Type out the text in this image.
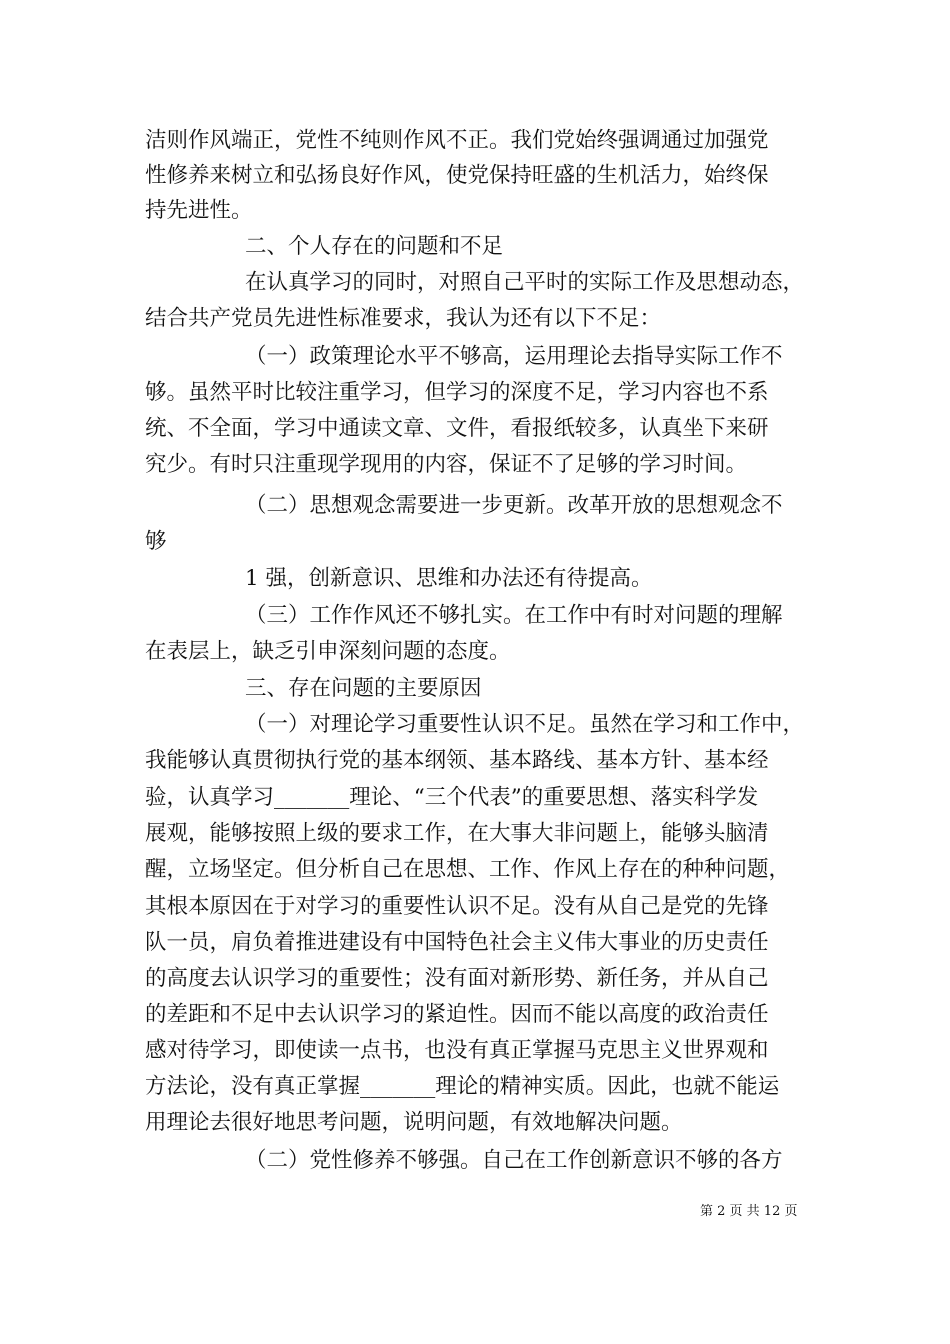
洁则作风端正，党性不纯则作风不正。我们党始终强调通过加强党
性修养来树立和弘扬良好作风，使党保持旺盛的生机活力，始终保
持先进性。
二、个人存在的问题和不足
在认真学习的同时，对照自己平时的实际工作及思想动态，
结合共产党员先进性标准要求，我认为还有以下不足：
（一）政策理论水平不够高，运用理论去指导实际工作不
够。虽然平时比较注重学习，但学习的深度不足，学习内容也不系
统、不全面，学习中通读文章、文件，看报纸较多，认真坐下来研
究少。有时只注重现学现用的内容，保证不了足够的学习时间。
（二）思想观念需要进一步更新。改革开放的思想观念不
够
1 强，创新意识、思维和办法还有待提高。
（三）工作作风还不够扎实。在工作中有时对问题的理解
在表层上，缺乏引申深刻问题的态度。
三、存在问题的主要原因
（一）对理论学习重要性认识不足。虽然在学习和工作中，
我能够认真贯彻执行党的基本纲领、基本路线、基本方针、基本经
验，认真学习_______理论、“三个代表”的重要思想、落实科学发
展观，能够按照上级的要求工作，在大事大非问题上，能够头脑清
醒，立场坚定。但分析自己在思想、工作、作风上存在的种种问题，
其根本原因在于对学习的重要性认识不足。没有从自己是党的先锋
队一员，肩负着推进建设有中国特色社会主义伟大事业的历史责任
的高度去认识学习的重要性；没有面对新形势、新任务，并从自己
的差距和不足中去认识学习的紧迫性。因而不能以高度的政治责任
感对待学习，即使读一点书，也没有真正掌握马克思主义世界观和
方法论，没有真正掌握_______理论的精神实质。因此，也就不能运
用理论去很好地思考问题，说明问题，有效地解决问题。
（二）党性修养不够强。自己在工作创新意识不够的各方
第 2 页 共 12 页
